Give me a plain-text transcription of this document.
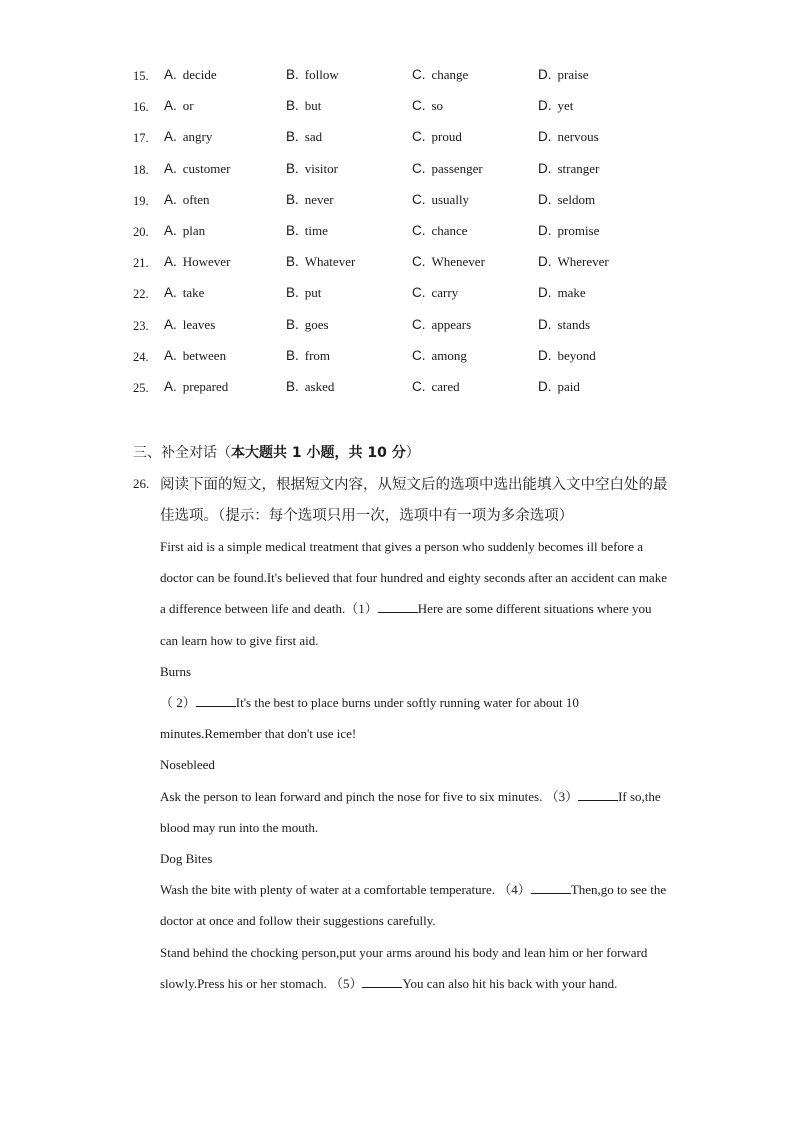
15. A. decide	B. follow	C. change	D. praise
16. A. or	B. but	C. so	D. yet
17. A. angry	B. sad	C. proud	D. nervous
18. A. customer	B. visitor	C. passenger	D. stranger
19. A. often	B. never	C. usually	D. seldom
20. A. plan	B. time	C. chance	D. promise
21. A. However	B. Whatever	C. Whenever	D. Wherever
22. A. take	B. put	C. carry	D. make
23. A. leaves	B. goes	C. appears	D. stands
24. A. between	B. from	C. among	D. beyond
25. A. prepared	B. asked	C. cared	D. paid
三、补全对话（本大题共 1 小题，共 10 分）
26. 阅读下面的短文，根据短文内容，从短文后的选项中选出能填入文中空白处的最佳选项。（提示：每个选项只用一次，选项中有一项为多余选项）

First aid is a simple medical treatment that gives a person who suddenly becomes ill before a doctor can be found.It's believed that four hundred and eighty seconds after an accident can make a difference between life and death.（1）	Here are some different situations where you can learn how to give first aid.

Burns

（ 2）	It's the best to place burns under softly running water for about 10 minutes.Remember that don't use ice!

Nosebleed

Ask the person to lean forward and pinch the nose for five to six minutes. （3）	If so,the blood may run into the mouth.

Dog Bites

Wash the bite with plenty of water at a comfortable temperature. （4）	Then,go to see the doctor at once and follow their suggestions carefully.

Stand behind the chocking person,put your arms around his body and lean him or her forward slowly.Press his or her stomach. （5）	You can also hit his back with your hand.
